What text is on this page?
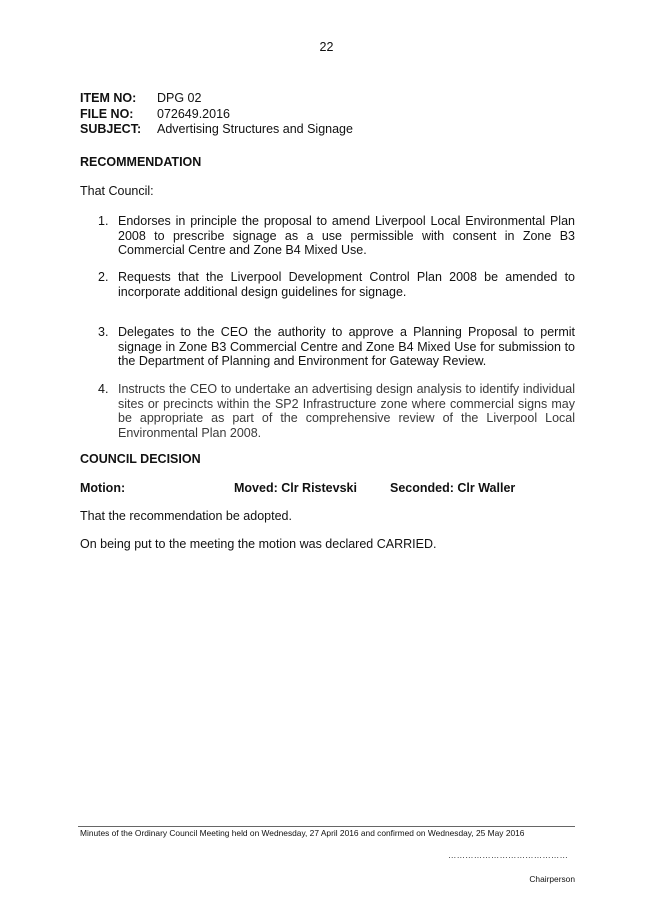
22
ITEM NO:	DPG 02
FILE NO:	072649.2016
SUBJECT:	Advertising Structures and Signage
RECOMMENDATION
That Council:
1. Endorses in principle the proposal to amend Liverpool Local Environmental Plan 2008 to prescribe signage as a use permissible with consent in Zone B3 Commercial Centre and Zone B4 Mixed Use.
2. Requests that the Liverpool Development Control Plan 2008 be amended to incorporate additional design guidelines for signage.
3. Delegates to the CEO the authority to approve a Planning Proposal to permit signage in Zone B3 Commercial Centre and Zone B4 Mixed Use for submission to the Department of Planning and Environment for Gateway Review.
4. Instructs the CEO to undertake an advertising design analysis to identify individual sites or precincts within the SP2 Infrastructure zone where commercial signs may be appropriate as part of the comprehensive review of the Liverpool Local Environmental Plan 2008.
COUNCIL DECISION
Motion:	Moved: Clr Ristevski	Seconded: Clr Waller
That the recommendation be adopted.
On being put to the meeting the motion was declared CARRIED.
Minutes of the Ordinary Council Meeting held on Wednesday, 27 April 2016 and confirmed on Wednesday, 25 May 2016
……………………………………
Chairperson
